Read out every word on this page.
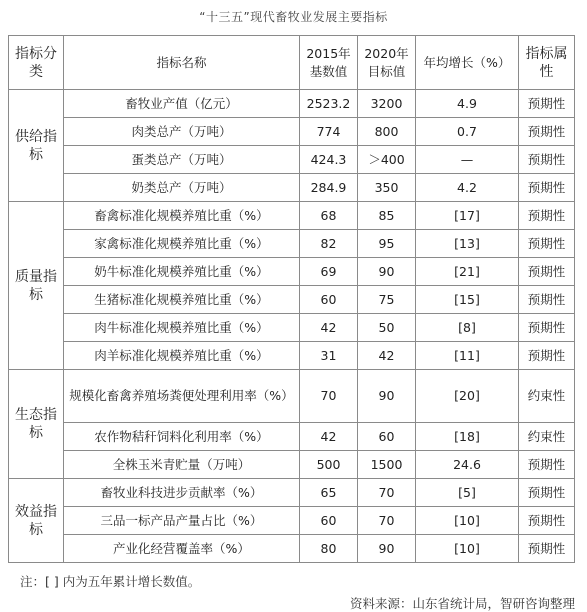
“十三五”现代畜牧业发展主要指标
指标分类	指标名称	2015年基数值	2020年目标值	年均增长（%）	指标属性
供给指标	畜牧业产值（亿元）	2523.2	3200	4.9	预期性
	肉类总产（万吨）	774	800	0.7	预期性
	蛋类总产（万吨）	424.3	＞400	—	预期性
	奶类总产（万吨）	284.9	350	4.2	预期性
质量指标	畜禽标准化规模养殖比重（%）	68	85	[17]	预期性
	家禽标准化规模养殖比重（%）	82	95	[13]	预期性
	奶牛标准化规模养殖比重（%）	69	90	[21]	预期性
	生猪标准化规模养殖比重（%）	60	75	[15]	预期性
	肉牛标准化规模养殖比重（%）	42	50	[8]	预期性
	肉羊标准化规模养殖比重（%）	31	42	[11]	预期性
生态指标	规模化畜禽养殖场粪便处理利用率（%）	70	90	[20]	约束性
	农作物秸秆饲料化利用率（%）	42	60	[18]	约束性
	全株玉米青贮量（万吨）	500	1500	24.6	预期性
效益指标	畜牧业科技进步贡献率（%）	65	70	[5]	预期性
	三品一标产品产量占比（%）	60	70	[10]	预期性
	产业化经营覆盖率（%）	80	90	[10]	预期性
注：[ ] 内为五年累计增长数值。
资料来源：山东省统计局，智研咨询整理
